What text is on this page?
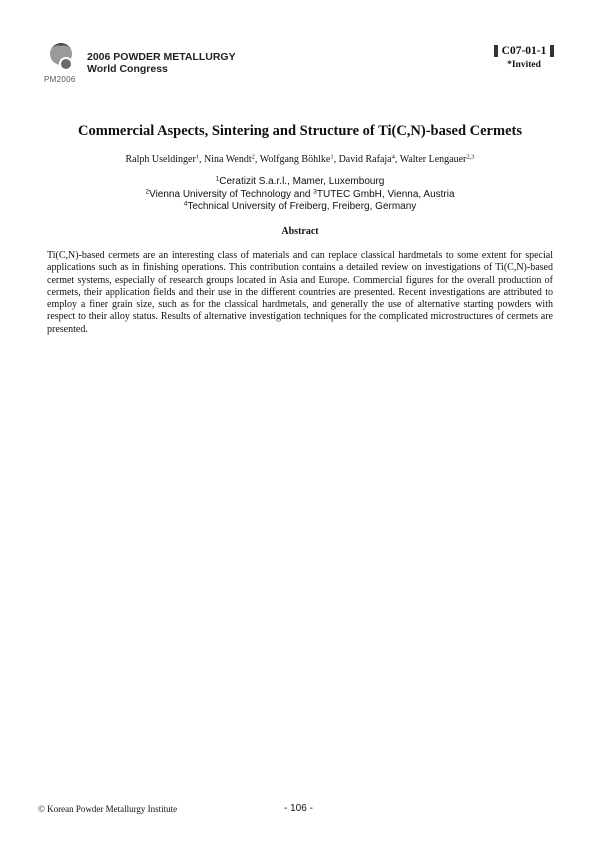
PM2006
2006 POWDER METALLURGY
World Congress
C07-01-1
*Invited
Commercial Aspects, Sintering and Structure of Ti(C,N)-based Cermets
Ralph Useldinger$^1$, Nina Wendt$^2$, Wolfgang Böhlke$^1$, David Rafaja$^4$, Walter Lengauer$^{2,3}$
$^1$Ceratizit S.a.r.l., Mamer, Luxembourg
$^2$Vienna University of Technology and $^3$TUTEC GmbH, Vienna, Austria
$^4$Technical University of Freiberg, Freiberg, Germany
Abstract
Ti(C,N)-based cermets are an interesting class of materials and can replace classical hardmetals to some extent for special applications such as in finishing operations. This contribution contains a detailed review on investigations of Ti(C,N)-based cermet systems, especially of research groups located in Asia and Europe. Commercial figures for the overall production of cermets, their application fields and their use in the different countries are presented. Recent investigations are attributed to employ a finer grain size, such as for the classical hardmetals, and generally the use of alternative starting powders with respect to their alloy status. Results of alternative investigation techniques for the complicated microstructures of cermets are presented.
© Korean Powder Metallurgy Institute	- 106 -
